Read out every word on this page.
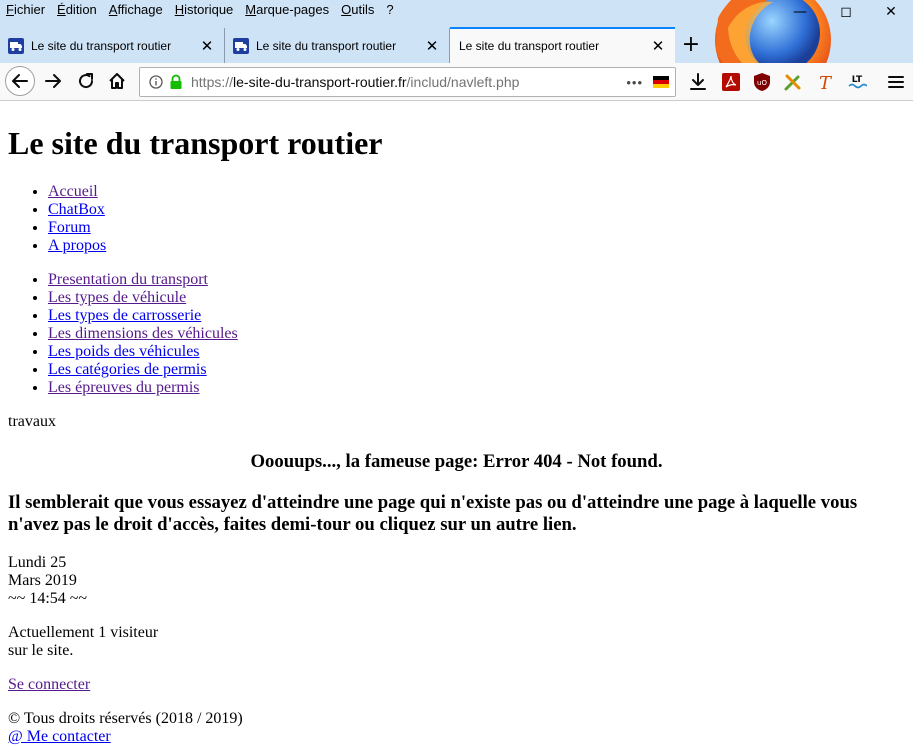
Fichier Édition Affichage Historique Marque-pages Outils ?	—	◻	✕
Le site du transport routier	✕	Le site du transport routier	✕ Le site du transport routier	✕ +
https://le-site-du-transport-routier.fr/includ/navleft.php	•••	uO	T LT
Le site du transport routier
• Accueil
• ChatBox
• Forum
• A propos
• Presentation du transport
• Les types de véhicule
• Les types de carrosserie
• Les dimensions des véhicules
• Les poids des véhicules
• Les catégories de permis
• Les épreuves du permis
travaux
Ooouups..., la fameuse page: Error 404 - Not found.
Il semblerait que vous essayez d'atteindre une page qui n'existe pas ou d'atteindre une page à laquelle vous n'avez pas le droit d'accès, faites demi-tour ou cliquez sur un autre lien.
Lundi 25
Mars 2019
~~ 14:54 ~~
Actuellement 1 visiteur
sur le site.
Se connecter
© Tous droits réservés (2018 / 2019)
@ Me contacter
